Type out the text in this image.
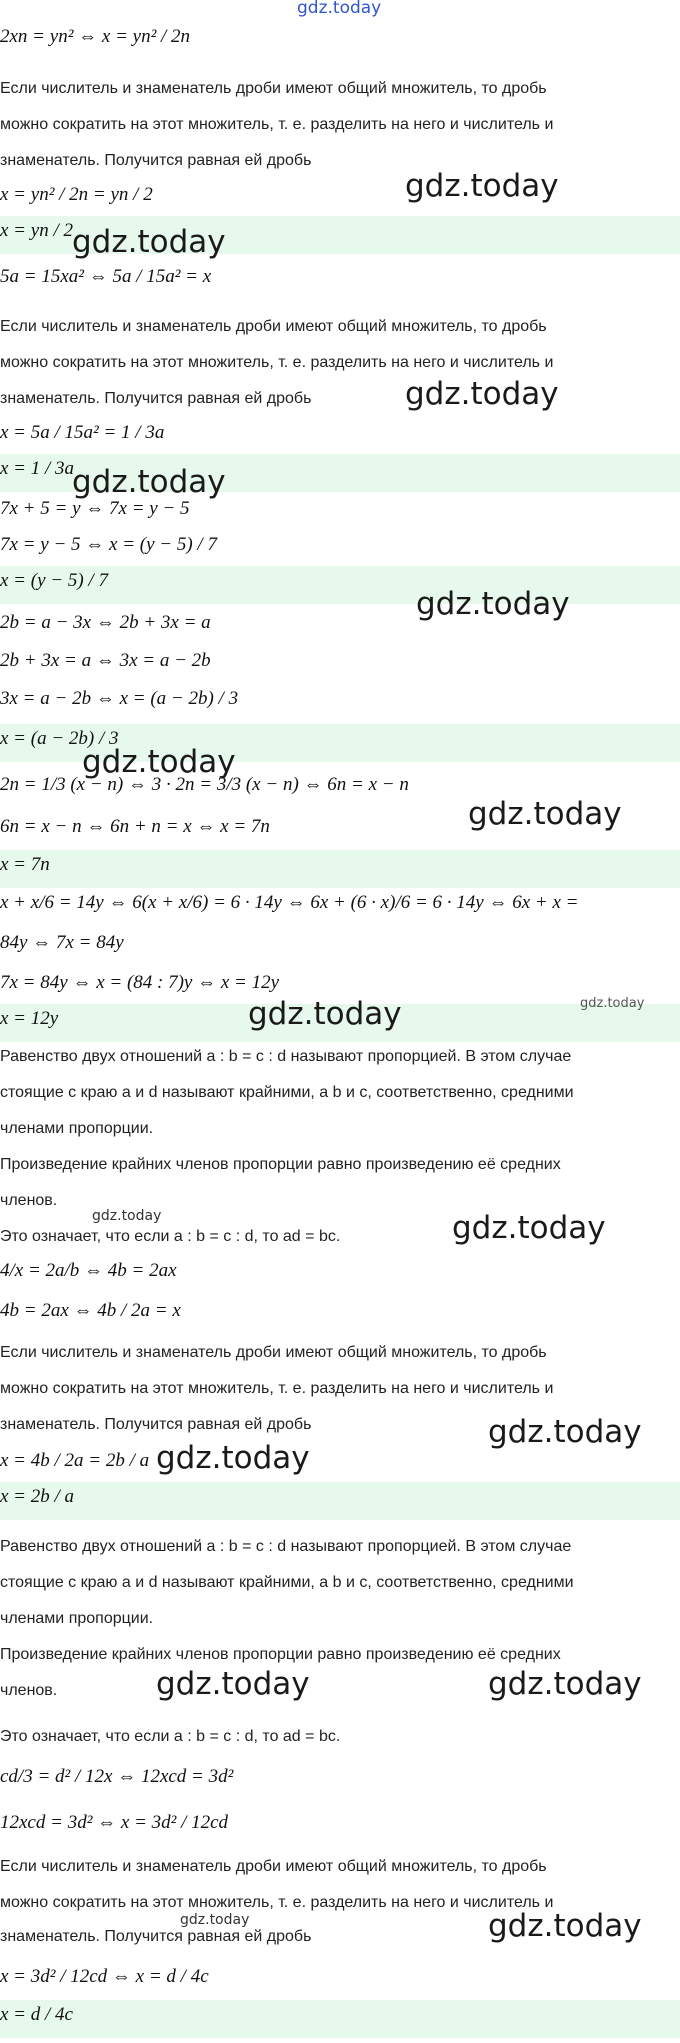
gdz.today
2xn = yn² ⇔ x = yn² / 2n
Если числитель и знаменатель дроби имеют общий множитель, то дробь
можно сократить на этот множитель, т. е. разделить на него и числитель и
знаменатель. Получится равная ей дробь
x = yn² / 2n = yn / 2
x = yn / 2
5a = 15xa² ⇔ 5a / 15a² = x
Если числитель и знаменатель дроби имеют общий множитель, то дробь
можно сократить на этот множитель, т. е. разделить на него и числитель и
знаменатель. Получится равная ей дробь
x = 5a / 15a² = 1 / 3a
x = 1 / 3a
7x + 5 = y ⇔ 7x = y − 5
7x = y − 5 ⇔ x = (y − 5) / 7
x = (y − 5) / 7
2b = a − 3x ⇔ 2b + 3x = a
2b + 3x = a ⇔ 3x = a − 2b
3x = a − 2b ⇔ x = (a − 2b) / 3
x = (a − 2b) / 3
2n = 1/3 (x − n) ⇔ 3 · 2n = 3/3 (x − n) ⇔ 6n = x − n
6n = x − n ⇔ 6n + n = x ⇔ x = 7n
x = 7n
x + x/6 = 14y ⇔ 6(x + x/6) = 6 · 14y ⇔ 6x + (6 · x)/6 = 6 · 14y ⇔ 6x + x =
84y ⇔ 7x = 84y
7x = 84y ⇔ x = (84 : 7)y ⇔ x = 12y
x = 12y
Равенство двух отношений a : b = c : d называют пропорцией. В этом случае
стоящие с краю a и d называют крайними, а b и c, соответственно, средними
членами пропорции.
Произведение крайних членов пропорции равно произведению её средних
членов.
Это означает, что если a : b = c : d, то ad = bc.
4/x = 2a/b ⇔ 4b = 2ax
4b = 2ax ⇔ 4b / 2a = x
Если числитель и знаменатель дроби имеют общий множитель, то дробь
можно сократить на этот множитель, т. е. разделить на него и числитель и
знаменатель. Получится равная ей дробь
x = 4b / 2a = 2b / a
x = 2b / a
Равенство двух отношений a : b = c : d называют пропорцией. В этом случае
стоящие с краю a и d называют крайними, а b и c, соответственно, средними
членами пропорции.
Произведение крайних членов пропорции равно произведению её средних
членов.
Это означает, что если a : b = c : d, то ad = bc.
cd/3 = d² / 12x ⇔ 12xcd = 3d²
12xcd = 3d² ⇔ x = 3d² / 12cd
Если числитель и знаменатель дроби имеют общий множитель, то дробь
можно сократить на этот множитель, т. е. разделить на него и числитель и
знаменатель. Получится равная ей дробь
x = 3d² / 12cd ⇔ x = d / 4c
x = d / 4c
gdz.today
gdz.today
gdz.today
gdz.today
gdz.today
gdz.today
gdz.today
gdz.today	gdz.today
gdz.today
gdz.today
gdz.today
gdz.today
gdz.today	gdz.today
gdz.today
gdz.today
